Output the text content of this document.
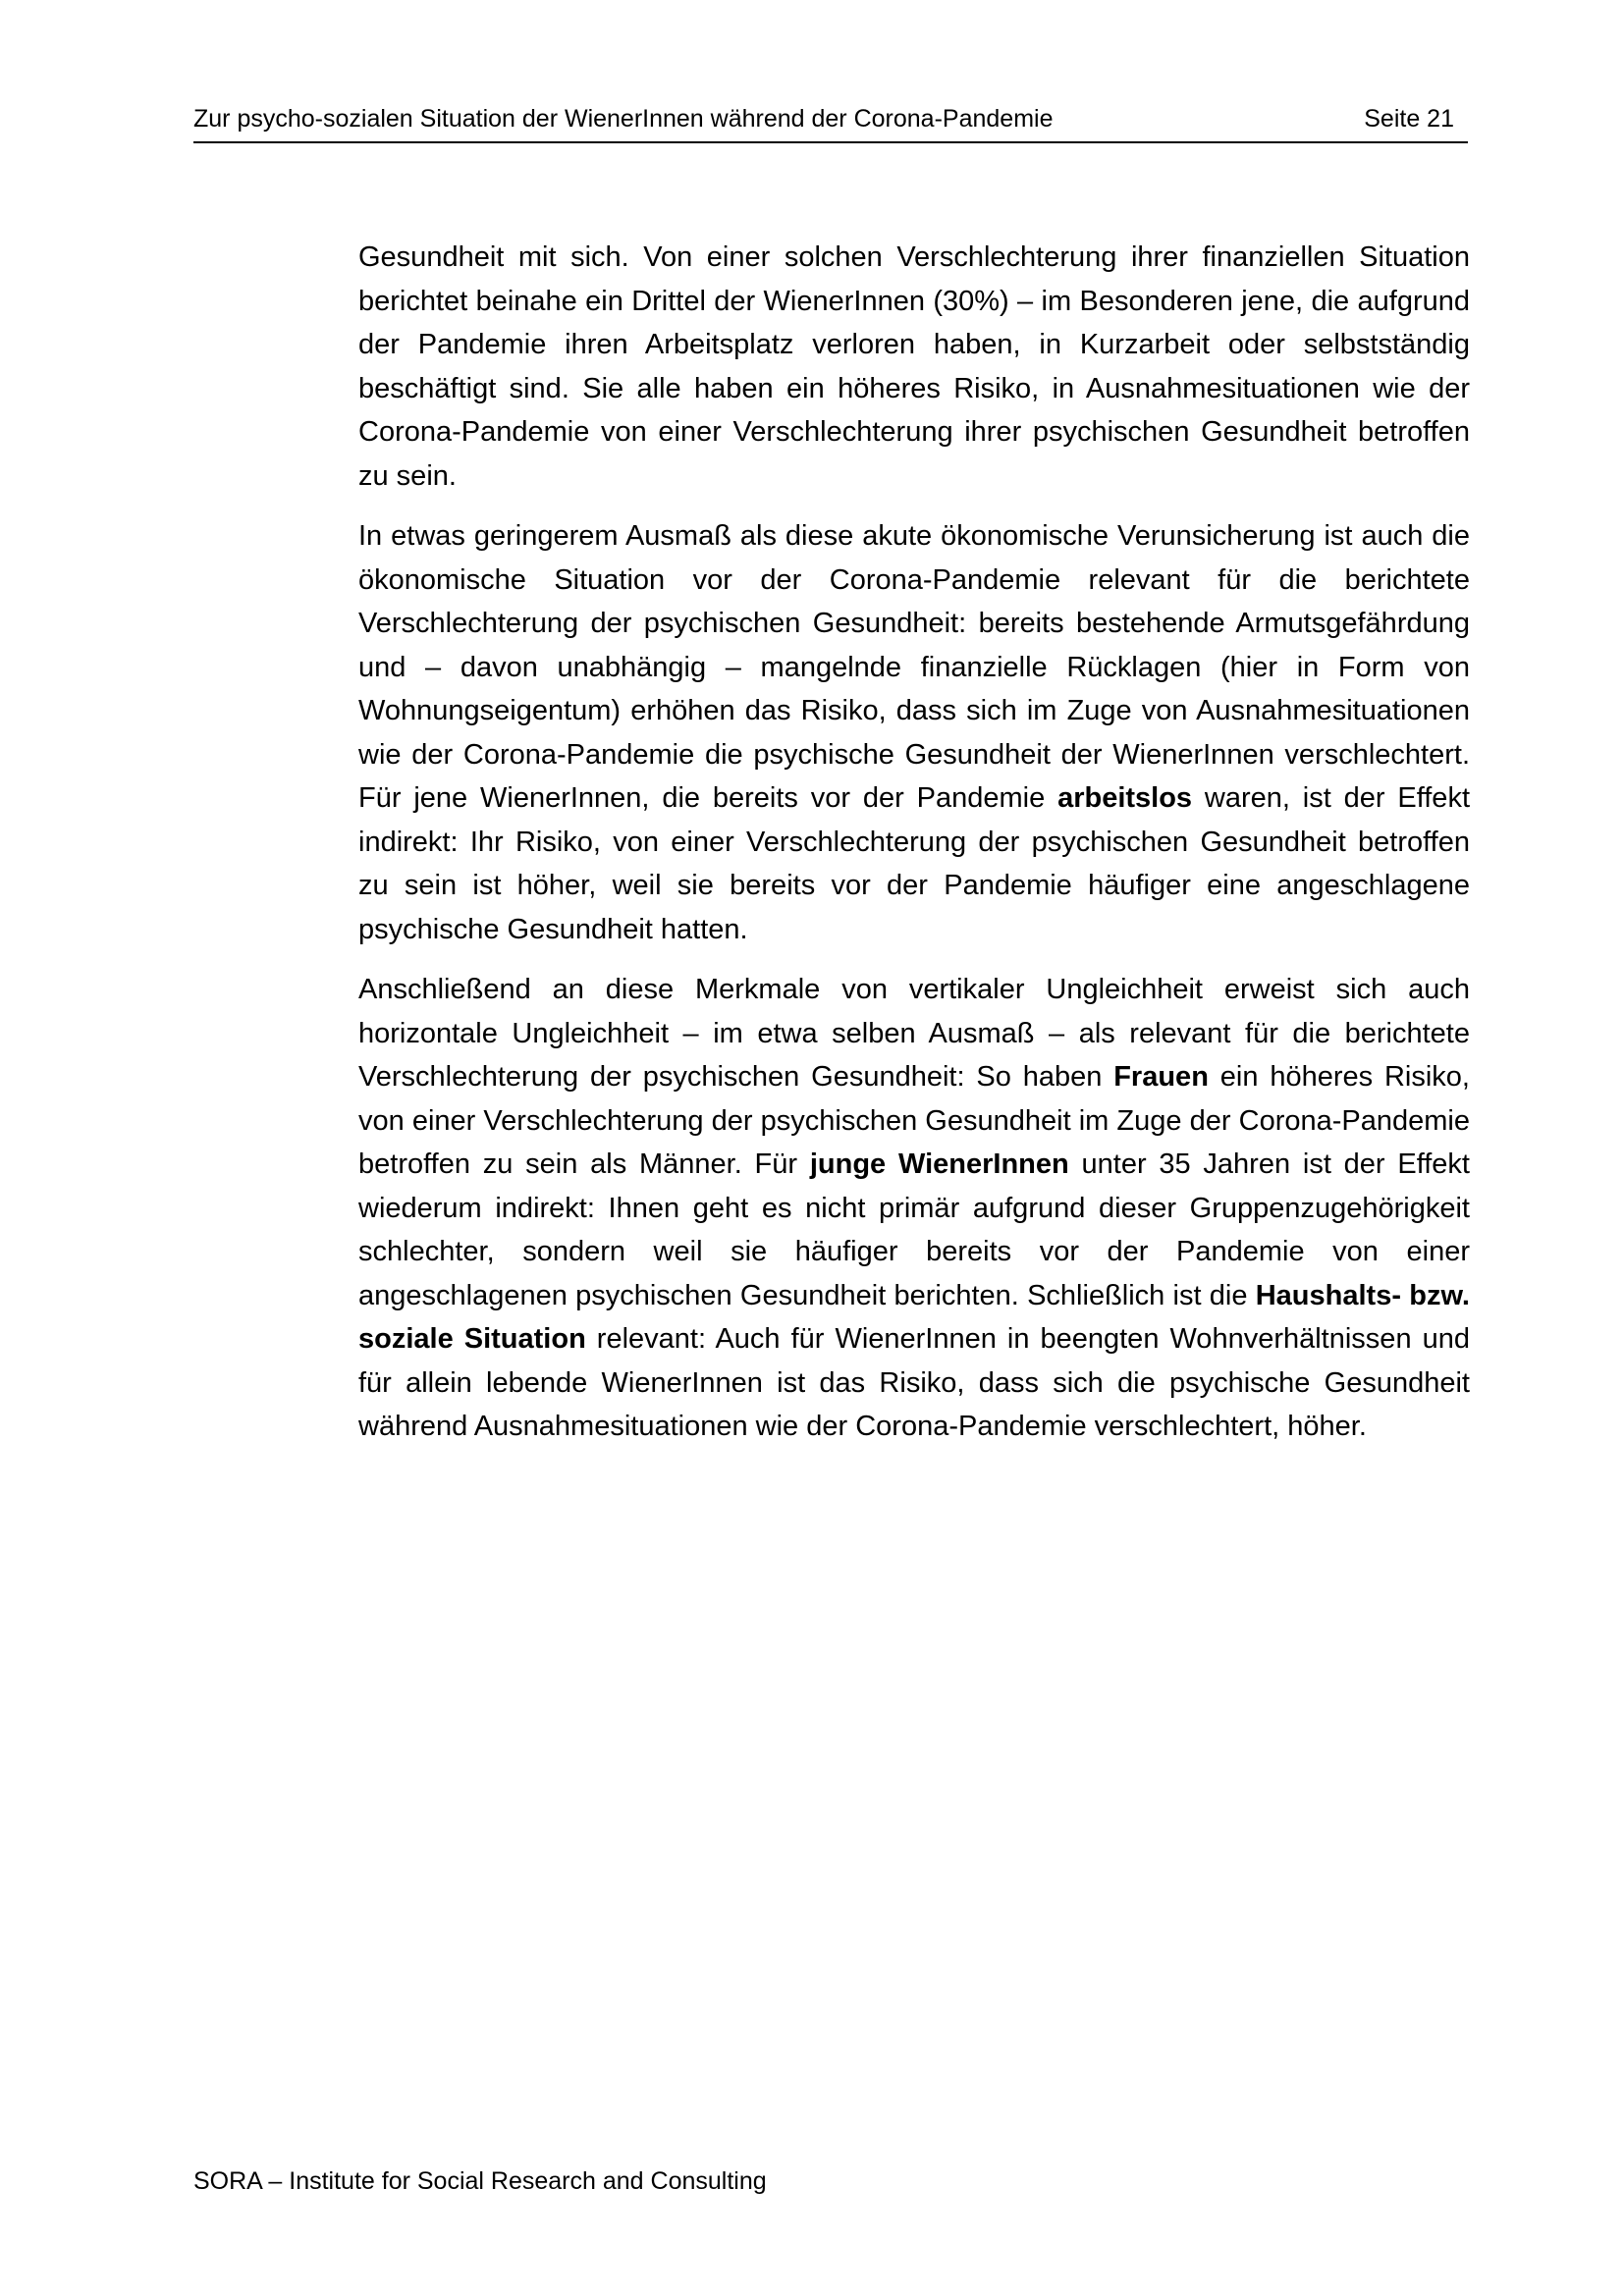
Zur psycho-sozialen Situation der WienerInnen während der Corona-Pandemie	Seite 21

Gesundheit mit sich. Von einer solchen Verschlechterung ihrer finanziellen Situation berichtet beinahe ein Drittel der WienerInnen (30%) – im Besonderen jene, die aufgrund der Pandemie ihren Arbeitsplatz verloren haben, in Kurzarbeit oder selbstständig beschäftigt sind. Sie alle haben ein höheres Risiko, in Ausnahmesituationen wie der Corona-Pandemie von einer Verschlechterung ihrer psychischen Gesundheit betroffen zu sein.

In etwas geringerem Ausmaß als diese akute ökonomische Verunsicherung ist auch die ökonomische Situation vor der Corona-Pandemie relevant für die berichtete Verschlechterung der psychischen Gesundheit: bereits bestehende Armutsgefährdung und – davon unabhängig – mangelnde finanzielle Rücklagen (hier in Form von Wohnungseigentum) erhöhen das Risiko, dass sich im Zuge von Ausnahmesituationen wie der Corona-Pandemie die psychische Gesundheit der WienerInnen verschlechtert. Für jene WienerInnen, die bereits vor der Pandemie arbeitslos waren, ist der Effekt indirekt: Ihr Risiko, von einer Verschlechterung der psychischen Gesundheit betroffen zu sein ist höher, weil sie bereits vor der Pandemie häufiger eine angeschlagene psychische Gesundheit hatten.

Anschließend an diese Merkmale von vertikaler Ungleichheit erweist sich auch horizontale Ungleichheit – im etwa selben Ausmaß – als relevant für die berichtete Verschlechterung der psychischen Gesundheit: So haben Frauen ein höheres Risiko, von einer Verschlechterung der psychischen Gesundheit im Zuge der Corona-Pandemie betroffen zu sein als Männer. Für junge WienerInnen unter 35 Jahren ist der Effekt wiederum indirekt: Ihnen geht es nicht primär aufgrund dieser Gruppenzugehörigkeit schlechter, sondern weil sie häufiger bereits vor der Pandemie von einer angeschlagenen psychischen Gesundheit berichten. Schließlich ist die Haushalts- bzw. soziale Situation relevant: Auch für WienerInnen in beengten Wohnverhältnissen und für allein lebende WienerInnen ist das Risiko, dass sich die psychische Gesundheit während Ausnahmesituationen wie der Corona-Pandemie verschlechtert, höher.

SORA – Institute for Social Research and Consulting
